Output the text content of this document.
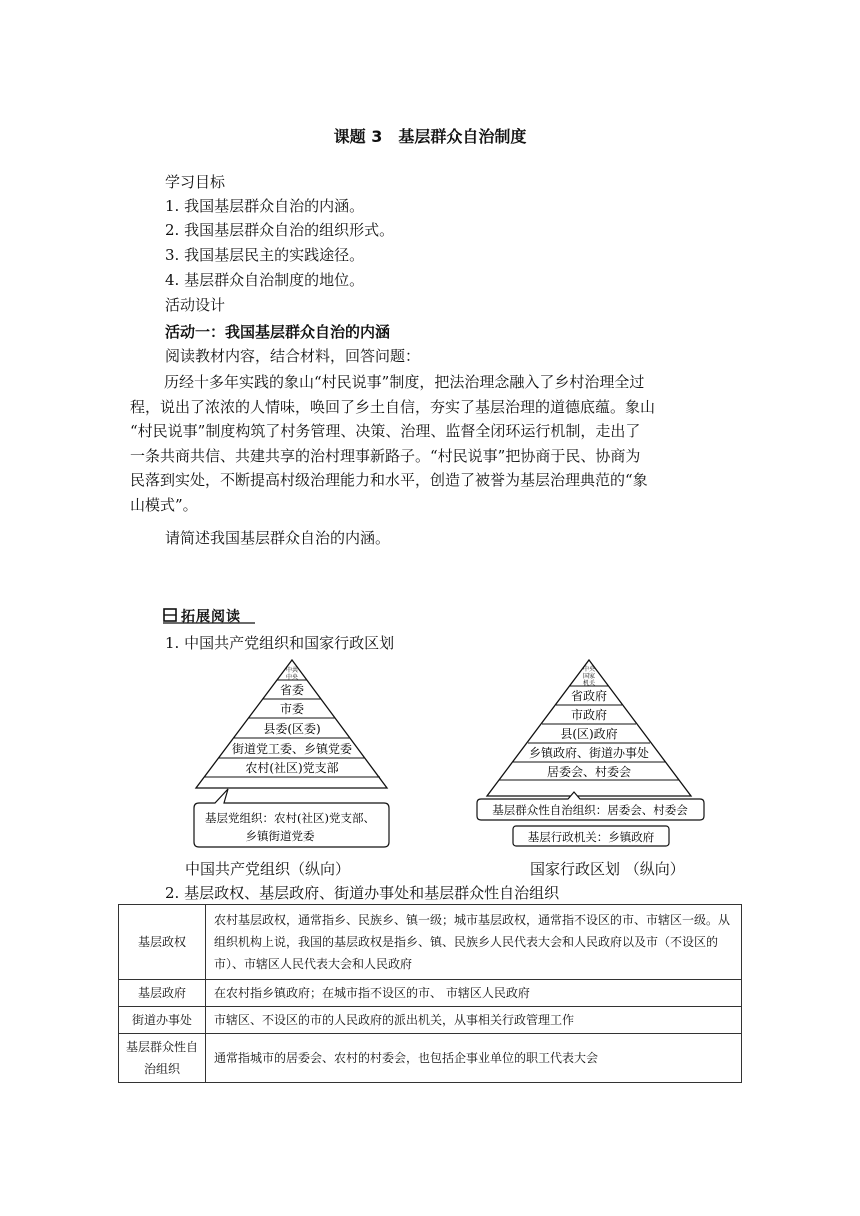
课题 3　基层群众自治制度
学习目标
1. 我国基层群众自治的内涵。
2. 我国基层群众自治的组织形式。
3. 我国基层民主的实践途径。
4. 基层群众自治制度的地位。
活动设计
活动一：我国基层群众自治的内涵
阅读教材内容，结合材料，回答问题：
历经十多年实践的象山“村民说事”制度，把法治理念融入了乡村治理全过
程，说出了浓浓的人情味，唤回了乡土自信，夯实了基层治理的道德底蕴。象山
“村民说事”制度构筑了村务管理、决策、治理、监督全闭环运行机制，走出了
一条共商共信、共建共享的治村理事新路子。“村民说事”把协商于民、协商为
民落到实处，不断提高村级治理能力和水平，创造了被誉为基层治理典范的“象
山模式”。
请简述我国基层群众自治的内涵。
拓展阅读
1. 中国共产党组织和国家行政区划
中共
中央
省委
市委
县委(区委)
街道党工委、乡镇党委
农村(社区)党支部
基层党组织：农村(社区)党支部、
乡镇街道党委
中国共产党组织（纵向）
中央
国家
机关
省政府
市政府
县(区)政府
乡镇政府、街道办事处
居委会、村委会
基层群众性自治组织：居委会、村委会
基层行政机关：乡镇政府
国家行政区划 （纵向）
2. 基层政权、基层政府、街道办事处和基层群众性自治组织
基层政权	农村基层政权，通常指乡、民族乡、镇一级；城市基层政权，通常指不设区的市、市辖区一级。从组织机构上说，我国的基层政权是指乡、镇、民族乡人民代表大会和人民政府以及市（不设区的市）、市辖区人民代表大会和人民政府
基层政府	在农村指乡镇政府；在城市指不设区的市、 市辖区人民政府
街道办事处	市辖区、不设区的市的人民政府的派出机关，从事相关行政管理工作
基层群众性自治组织	通常指城市的居委会、农村的村委会，也包括企事业单位的职工代表大会
